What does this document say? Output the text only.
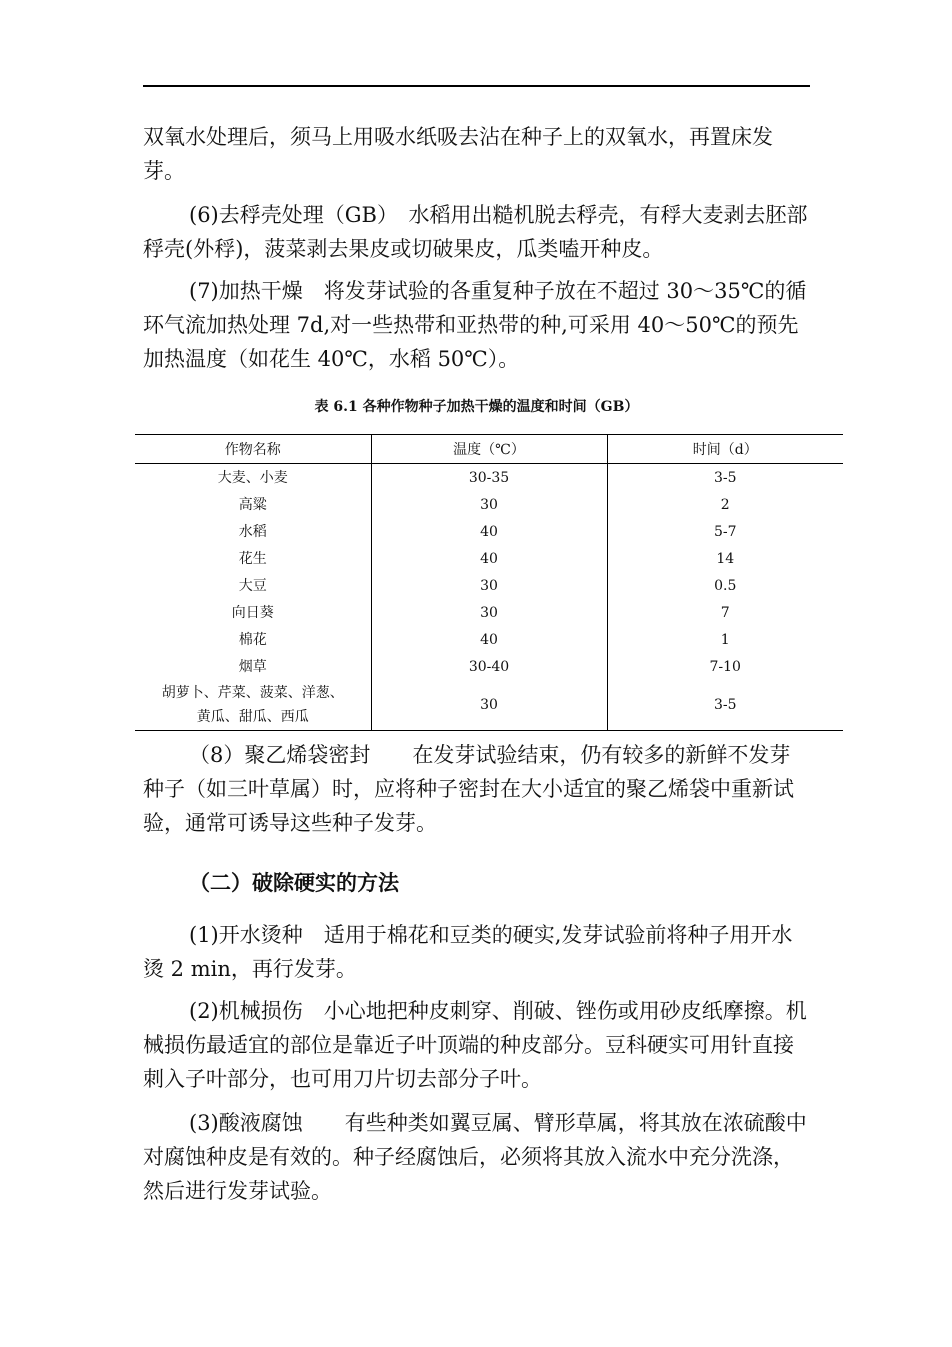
双氧水处理后，须马上用吸水纸吸去沾在种子上的双氧水，再置床发芽。

(6)去稃壳处理（GB）　水稻用出糙机脱去稃壳，有稃大麦剥去胚部稃壳(外稃)，菠菜剥去果皮或切破果皮，瓜类嗑开种皮。

(7)加热干燥　将发芽试验的各重复种子放在不超过 30～35℃的循环气流加热处理 7d,对一些热带和亚热带的种,可采用 40～50℃的预先加热温度（如花生 40℃，水稻 50℃）。

表 6.1 各种作物种子加热干燥的温度和时间（GB）
作物名称	温度（℃）	时间（d）
大麦、小麦	30-35	3-5
高粱	30	2
水稻	40	5-7
花生	40	14
大豆	30	0.5
向日葵	30	7
棉花	40	1
烟草	30-40	7-10

胡萝卜、芹菜、菠菜、洋葱、
黄瓜、甜瓜、西瓜	30	3-5

（8）聚乙烯袋密封　　在发芽试验结束，仍有较多的新鲜不发芽种子（如三叶草属）时，应将种子密封在大小适宜的聚乙烯袋中重新试验，通常可诱导这些种子发芽。

（二）破除硬实的方法

(1)开水烫种　适用于棉花和豆类的硬实,发芽试验前将种子用开水烫 2 min，再行发芽。

(2)机械损伤　小心地把种皮刺穿、削破、锉伤或用砂皮纸摩擦。机械损伤最适宜的部位是靠近子叶顶端的种皮部分。豆科硬实可用针直接刺入子叶部分，也可用刀片切去部分子叶。

(3)酸液腐蚀　　有些种类如翼豆属、臂形草属，将其放在浓硫酸中对腐蚀种皮是有效的。种子经腐蚀后，必须将其放入流水中充分洗涤，然后进行发芽试验。
